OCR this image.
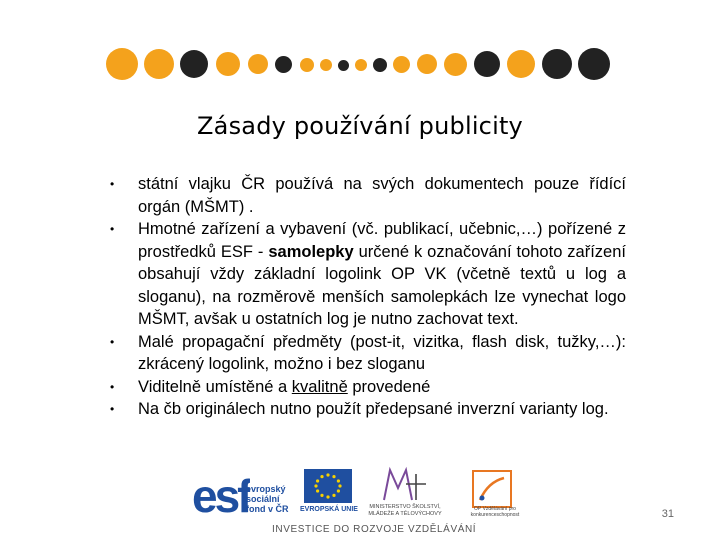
Zásady používání publicity
• státní vlajku ČR používá na svých dokumentech pouze řídící orgán (MŠMT) .
• Hmotné zařízení a vybavení (vč. publikací, učebnic,…) pořízené z prostředků ESF - samolepky určené k označování tohoto zařízení obsahují vždy základní logolink OP VK (včetně textů u log a sloganu), na rozměrově menších samolepkách lze vynechat logo MŠMT, avšak u ostatních log je nutno zachovat text.
• Malé propagační předměty (post-it, vizitka, flash disk, tužky,…): zkrácený logolink, možno i bez sloganu
• Viditelně umístěné a kvalitně provedené
• Na čb originálech nutno použít předepsané inverzní varianty log.
esf
evropský
sociální
fond v ČR EVROPSKÁ UNIE	MINISTERSTVO ŠKOLSTVÍ, MLÁDEŽE A TĚLOVÝCHOVY
OP Vzdělávání pro konkurenceschopnost
INVESTICE DO ROZVOJE VZDĚLÁVÁNÍ
31
